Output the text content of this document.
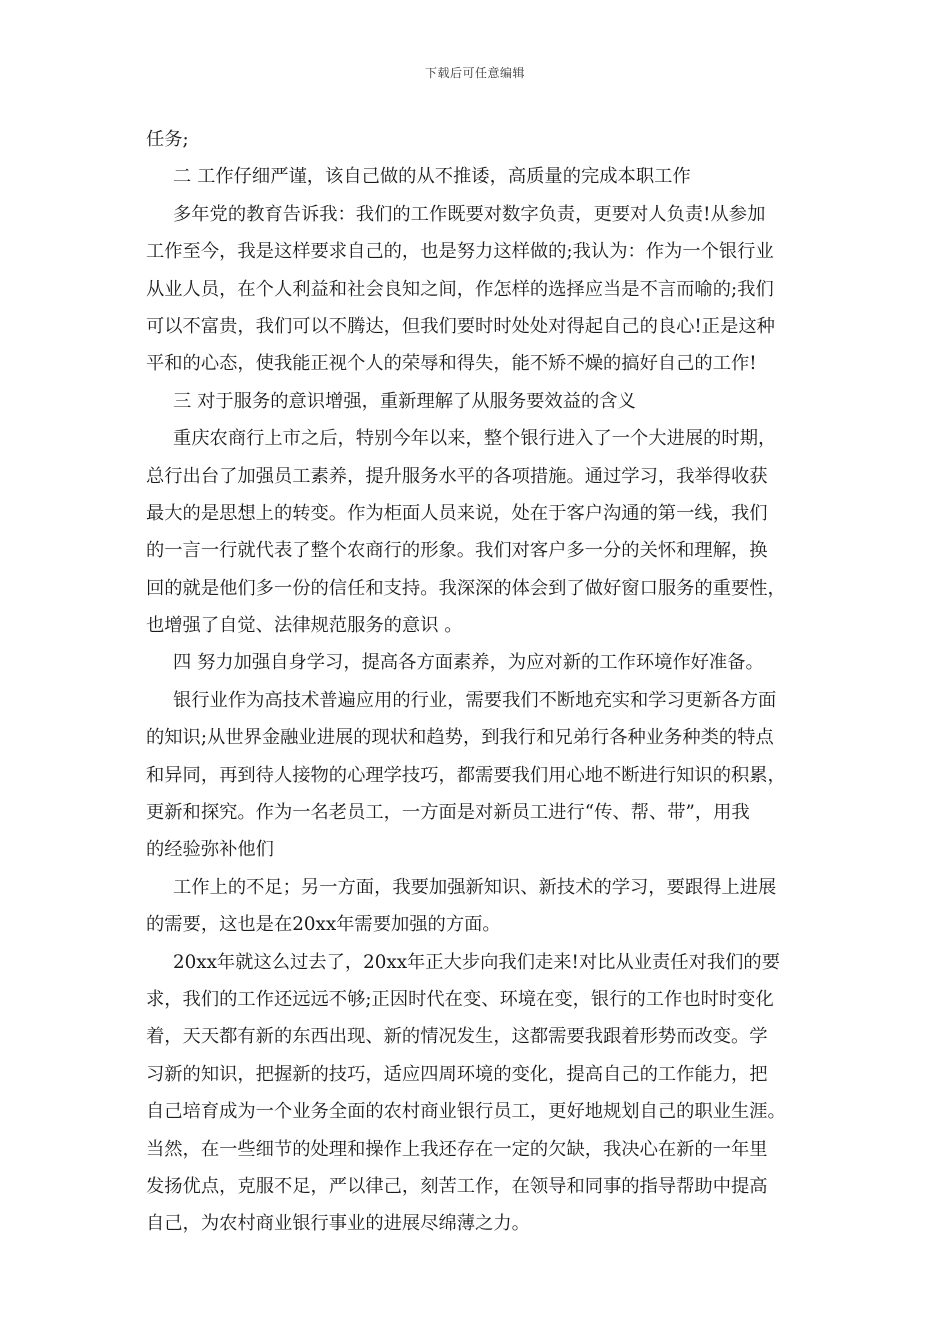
下载后可任意编辑
任务;
二 工作仔细严谨，该自己做的从不推诿，高质量的完成本职工作
多年党的教育告诉我：我们的工作既要对数字负责，更要对人负责!从参加
工作至今，我是这样要求自己的，也是努力这样做的;我认为：作为一个银行业
从业人员，在个人利益和社会良知之间，作怎样的选择应当是不言而喻的;我们
可以不富贵，我们可以不腾达，但我们要时时处处对得起自己的良心!正是这种
平和的心态，使我能正视个人的荣辱和得失，能不矫不燥的搞好自己的工作!
三 对于服务的意识增强，重新理解了从服务要效益的含义
重庆农商行上市之后，特别今年以来，整个银行进入了一个大进展的时期，
总行出台了加强员工素养，提升服务水平的各项措施。通过学习，我举得收获
最大的是思想上的转变。作为柜面人员来说，处在于客户沟通的第一线，我们
的一言一行就代表了整个农商行的形象。我们对客户多一分的关怀和理解，换
回的就是他们多一份的信任和支持。我深深的体会到了做好窗口服务的重要性，
也增强了自觉、法律规范服务的意识 。
四 努力加强自身学习，提高各方面素养，为应对新的工作环境作好准备。
银行业作为高技术普遍应用的行业，需要我们不断地充实和学习更新各方面
的知识;从世界金融业进展的现状和趋势，到我行和兄弟行各种业务种类的特点
和异同，再到待人接物的心理学技巧，都需要我们用心地不断进行知识的积累，
更新和探究。作为一名老员工，一方面是对新员工进行“传、帮、带”，用我
的经验弥补他们
工作上的不足；另一方面，我要加强新知识、新技术的学习，要跟得上进展
的需要，这也是在20xx年需要加强的方面。
20xx年就这么过去了，20xx年正大步向我们走来!对比从业责任对我们的要
求，我们的工作还远远不够;正因时代在变、环境在变，银行的工作也时时变化
着，天天都有新的东西出现、新的情况发生，这都需要我跟着形势而改变。学
习新的知识，把握新的技巧，适应四周环境的变化，提高自己的工作能力，把
自己培育成为一个业务全面的农村商业银行员工，更好地规划自己的职业生涯。
当然，在一些细节的处理和操作上我还存在一定的欠缺，我决心在新的一年里
发扬优点，克服不足，严以律己，刻苦工作，在领导和同事的指导帮助中提高
自己，为农村商业银行事业的进展尽绵薄之力。
